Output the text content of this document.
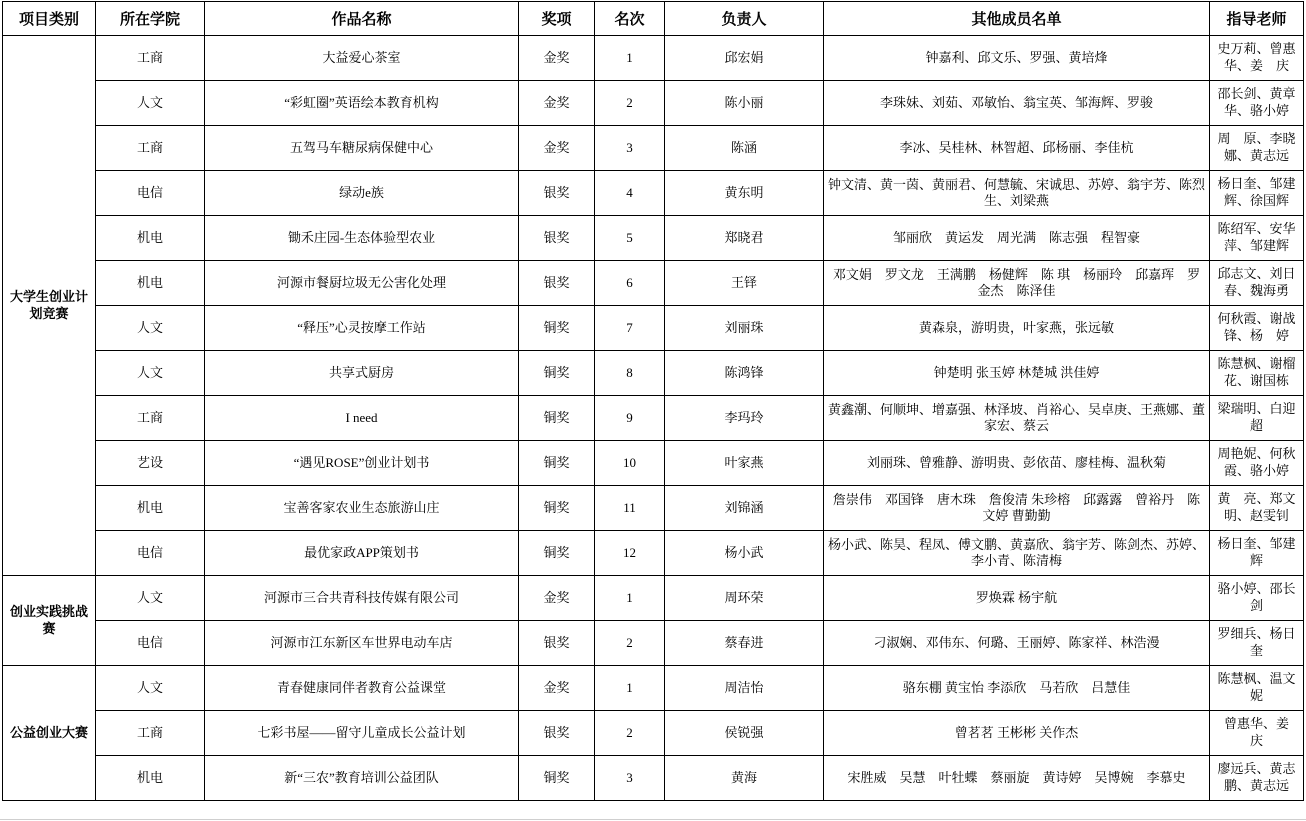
项目类别	所在学院	作品名称	奖项	名次	负责人	其他成员名单	指导老师
大学生创业计划竞赛	工商	大益爱心茶室	金奖	1	邱宏娟	钟嘉利、邱文乐、罗强、黄培烽	史万莉、曾惠华、姜　庆
	人文	“彩虹圈”英语绘本教育机构	金奖	2	陈小丽	李珠妹、刘茹、邓敏怡、翁宝英、邹海辉、罗骏	邵长剑、黄章华、骆小婷
	工商	五驾马车糖尿病保健中心	金奖	3	陈涵	李冰、吴桂林、林智超、邱杨丽、李佳杭	周　原、李晓娜、黄志远
	电信	绿动e族	银奖	4	黄东明	钟文清、黄一茵、黄丽君、何慧毓、宋诚思、苏婷、翁宇芳、陈烈生、刘梁燕	杨日奎、邹建辉、徐国辉
	机电	锄禾庄园-生态体验型农业	银奖	5	郑晓君	邹丽欣　黄运发　周光满　陈志强　程智豪	陈绍军、安华萍、邹建辉
	机电	河源市餐厨垃圾无公害化处理	银奖	6	王铎	邓文娟　罗文龙　王满鹏　杨健辉　陈 琪　杨丽玲　邱嘉珲　罗金杰　陈泽佳	邱志文、刘日春、魏海勇
	人文	“释压”心灵按摩工作站	铜奖	7	刘丽珠	黄森泉，游明贵，叶家燕，张远敏	何秋霞、谢战锋、杨　婷
	人文	共享式厨房	铜奖	8	陈鸿锋	钟楚明 张玉婷 林楚城 洪佳婷	陈慧枫、谢榴花、谢国栋
	工商	I need	铜奖	9	李玛玲	黄鑫潮、何顺坤、增嘉强、林泽坡、肖裕心、吴卓庚、王燕娜、董家宏、蔡云	梁瑞明、白迎超
	艺设	“遇见ROSE”创业计划书	铜奖	10	叶家燕	刘丽珠、曾雅静、游明贵、彭依苗、廖桂梅、温秋菊	周艳妮、何秋霞、骆小婷
	机电	宝善客家农业生态旅游山庄	铜奖	11	刘锦涵	詹崇伟　邓国锋　唐木珠　詹俊清 朱珍榕　邱露露　曾裕丹　陈文婷 曹勤勤	黄　亮、郑文明、赵雯钊
	电信	最优家政APP策划书	铜奖	12	杨小武	杨小武、陈昊、程凤、傅文鹏、黄嘉欣、翁宇芳、陈剑杰、苏婷、李小青、陈清梅	杨日奎、邹建辉
创业实践挑战赛	人文	河源市三合共青科技传媒有限公司	金奖	1	周环荣	罗焕霖 杨宇航	骆小婷、邵长剑
	电信	河源市江东新区车世界电动车店	银奖	2	蔡春进	刁淑娴、邓伟东、何璐、王丽婷、陈家祥、林浩漫	罗细兵、杨日奎
公益创业大赛	人文	青春健康同伴者教育公益课堂	金奖	1	周洁怡	骆东棚 黄宝怡 李添欣　马若欣　吕慧佳	陈慧枫、温文妮
	工商	七彩书屋——留守儿童成长公益计划	银奖	2	侯锐强	曾茗茗 王彬彬 关作杰	曾惠华、姜　庆
	机电	新“三农”教育培训公益团队	铜奖	3	黄海	宋胜威　吴慧　叶牡蝶　蔡丽旋　黄诗婷　吴博婉　李慕史	廖远兵、黄志鹏、黄志远
